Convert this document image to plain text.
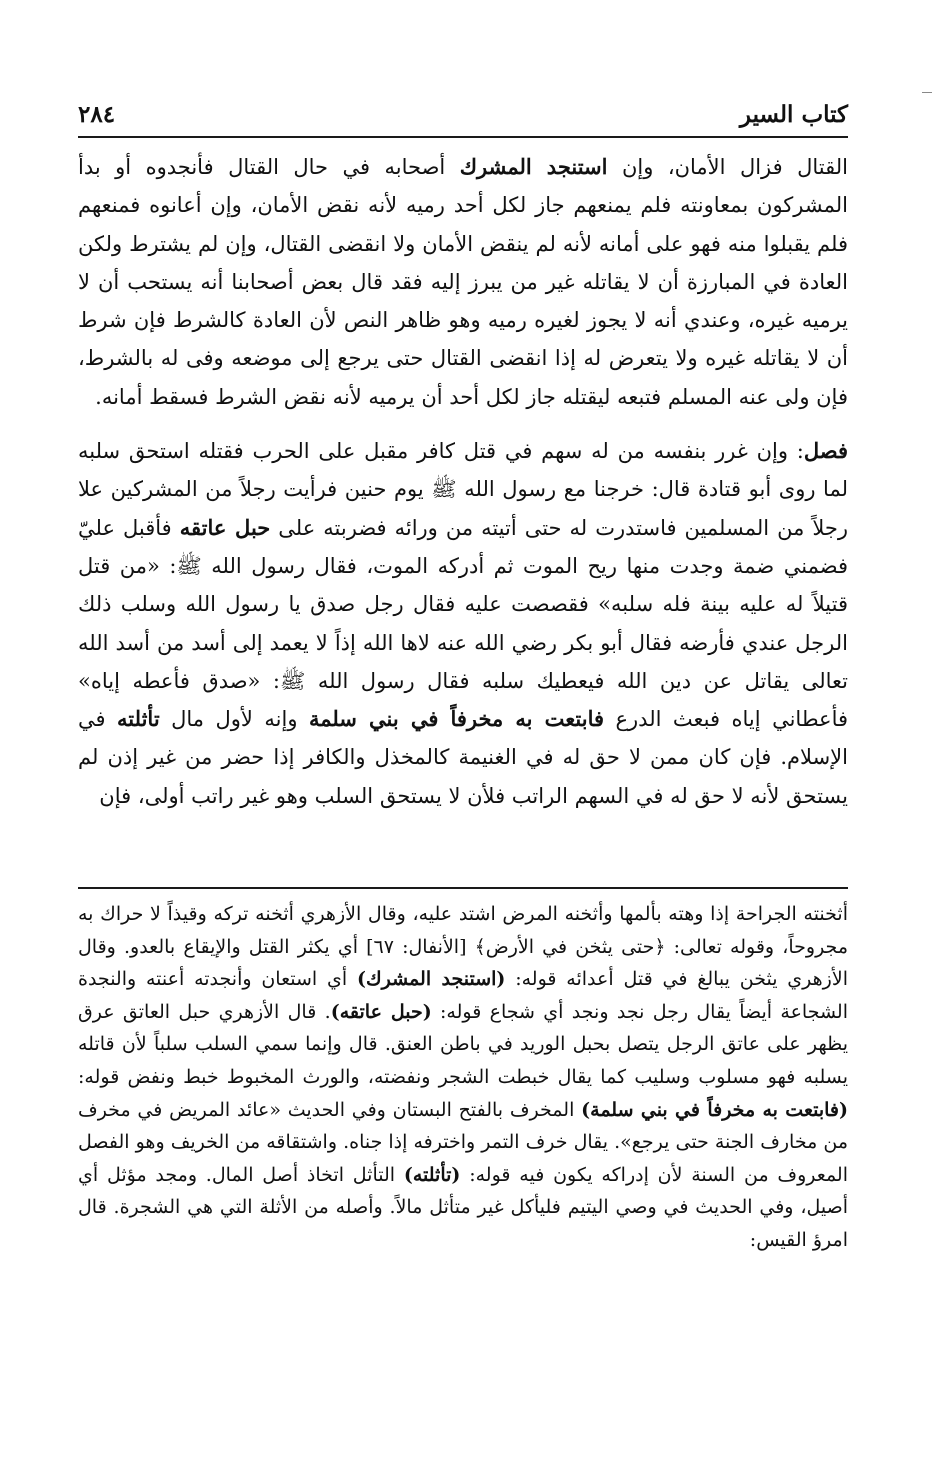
كتاب السير
٢٨٤

القتال فزال الأمان، وإن استنجد المشرك أصحابه في حال القتال فأنجدوه أو بدأ المشركون بمعاونته فلم يمنعهم جاز لكل أحد رميه لأنه نقض الأمان، وإن أعانوه فمنعهم فلم يقبلوا منه فهو على أمانه لأنه لم ينقض الأمان ولا انقضى القتال، وإن لم يشترط ولكن العادة في المبارزة أن لا يقاتله غير من يبرز إليه فقد قال بعض أصحابنا أنه يستحب أن لا يرميه غيره، وعندي أنه لا يجوز لغيره رميه وهو ظاهر النص لأن العادة كالشرط فإن شرط أن لا يقاتله غيره ولا يتعرض له إذا انقضى القتال حتى يرجع إلى موضعه وفى له بالشرط، فإن ولى عنه المسلم فتبعه ليقتله جاز لكل أحد أن يرميه لأنه نقض الشرط فسقط أمانه.

فصل: وإن غرر بنفسه من له سهم في قتل كافر مقبل على الحرب فقتله استحق سلبه لما روى أبو قتادة قال: خرجنا مع رسول الله ﷺ يوم حنين فرأيت رجلاً من المشركين علا رجلاً من المسلمين فاستدرت له حتى أتيته من ورائه فضربته على حبل عاتقه فأقبل عليّ فضمني ضمة وجدت منها ريح الموت ثم أدركه الموت، فقال رسول الله ﷺ: «من قتل قتيلاً له عليه بينة فله سلبه» فقصصت عليه فقال رجل صدق يا رسول الله وسلب ذلك الرجل عندي فأرضه فقال أبو بكر رضي الله عنه لاها الله إذاً لا يعمد إلى أسد من أسد الله تعالى يقاتل عن دين الله فيعطيك سلبه فقال رسول الله ﷺ: «صدق فأعطه إياه» فأعطاني إياه فبعث الدرع فابتعت به مخرفاً في بني سلمة وإنه لأول مال تأثلته في الإسلام. فإن كان ممن لا حق له في الغنيمة كالمخذل والكافر إذا حضر من غير إذن لم يستحق لأنه لا حق له في السهم الراتب فلأن لا يستحق السلب وهو غير راتب أولى، فإن

أثخنته الجراحة إذا وهته بألمها وأثخنه المرض اشتد عليه، وقال الأزهري أثخنه تركه وقيذاً لا حراك به مجروحاً، وقوله تعالى: ﴿حتى يثخن في الأرض﴾ [الأنفال: ٦٧] أي يكثر القتل والإيقاع بالعدو. وقال الأزهري يثخن يبالغ في قتل أعدائه قوله: (استنجد المشرك) أي استعان وأنجدته أعنته والنجدة الشجاعة أيضاً يقال رجل نجد ونجد أي شجاع قوله: (حبل عاتقه). قال الأزهري حبل العاتق عرق يظهر على عاتق الرجل يتصل بحبل الوريد في باطن العنق. قال وإنما سمي السلب سلباً لأن قاتله يسلبه فهو مسلوب وسليب كما يقال خبطت الشجر ونفضته، والورث المخبوط خبط ونفض قوله: (فابتعت به مخرفاً في بني سلمة) المخرف بالفتح البستان وفي الحديث «عائد المريض في مخرف من مخارف الجنة حتى يرجع». يقال خرف التمر واخترفه إذا جناه. واشتقاقه من الخريف وهو الفصل المعروف من السنة لأن إدراكه يكون فيه قوله: (تأثلته) التأثل اتخاذ أصل المال. ومجد مؤثل أي أصيل، وفي الحديث في وصي اليتيم فليأكل غير متأثل مالاً. وأصله من الأثلة التي هي الشجرة. قال امرؤ القيس:
